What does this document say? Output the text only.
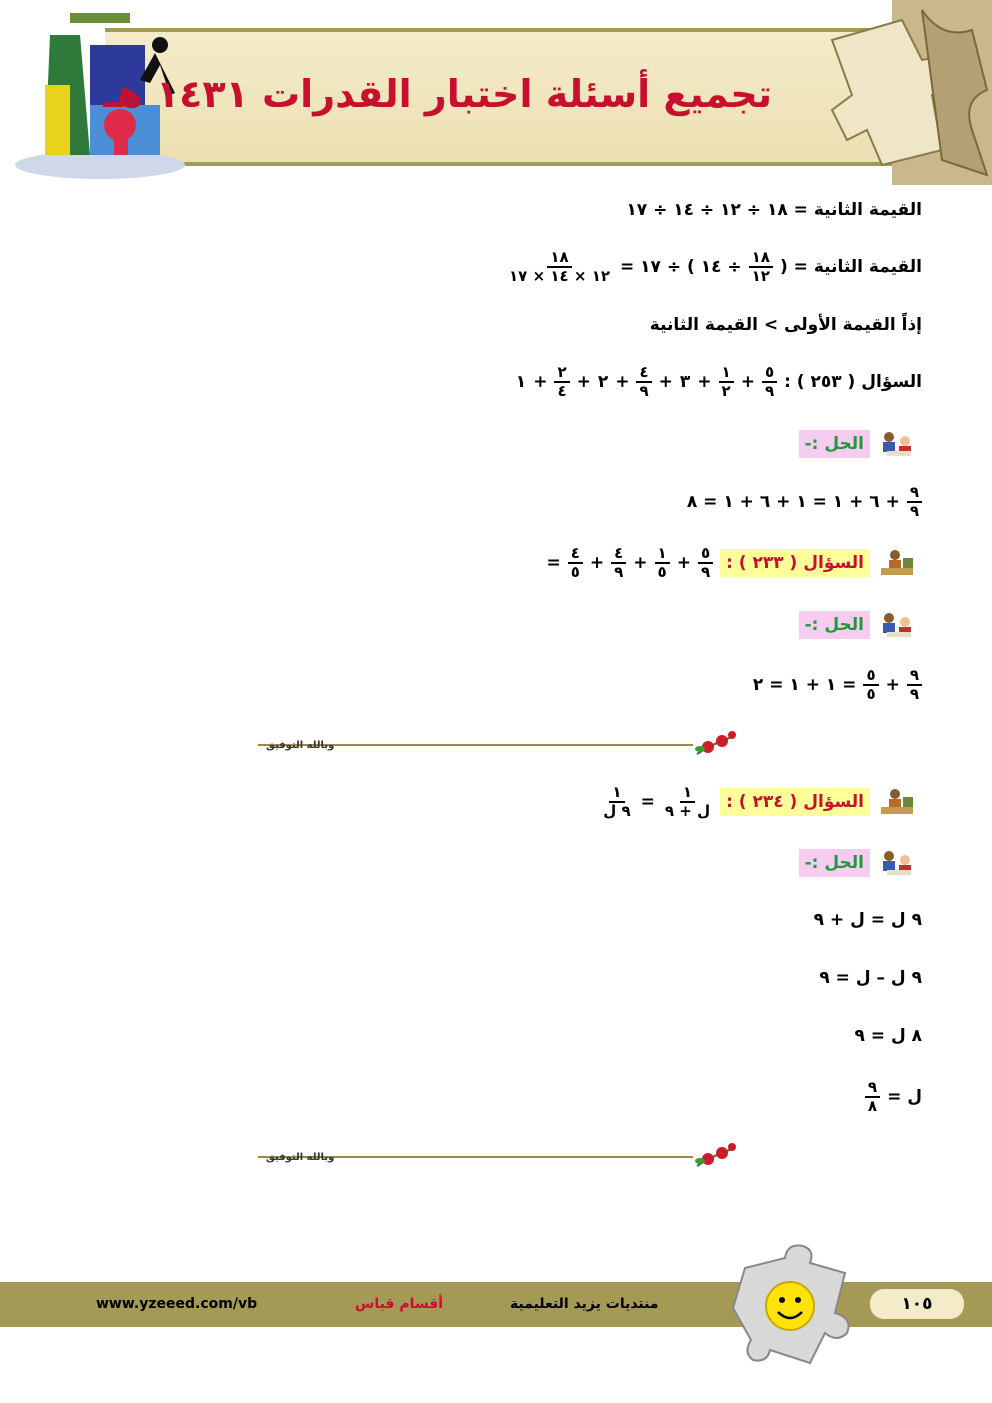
تجميع أسئلة اختبار القدرات ١٤٣١ هـ
القيمة الثانية = ١٨ ÷ ١٢ ÷ ١٤ ÷ ١٧
القيمة الثانية = (
$\frac{١٨}{١٢}$
÷ ١٤ ) ÷ ١٧ =
$\frac{١٨}{١٢ \times ١٤ \times ١٧}$
إذاً القيمة الأولى > القيمة الثانية
السؤال ( ٢٥٣ ) :
$\frac{٥}{٩}$
+
$\frac{١}{٢}$
+
٣
+
$\frac{٤}{٩}$
+
٢
+
$\frac{٢}{٤}$
+
١
الحل :-
$\frac{٩}{٩}$
+ ٦ + ١ = ١ + ٦ + ١ = ٨
السؤال ( ٢٣٣ ) :
$\frac{٥}{٩}$
+
$\frac{١}{٥}$
+
$\frac{٤}{٩}$
+
$\frac{٤}{٥}$
=
الحل :-
$\frac{٩}{٩}$
+
$\frac{٥}{٥}$
= ١ + ١ = ٢
وبالله التوفيق
السؤال ( ٢٣٤ ) :
$\frac{١}{\text{ل + ٩}}$
=
$\frac{١}{\text{٩ ل}}$
الحل :-
٩ ل = ل + ٩
٩ ل – ل = ٩
٨ ل = ٩
ل =
$\frac{٩}{٨}$
وبالله التوفيق
١٠٥
منتديات يزيد التعليمية
أقسام قياس
www.yzeeed.com/vb
